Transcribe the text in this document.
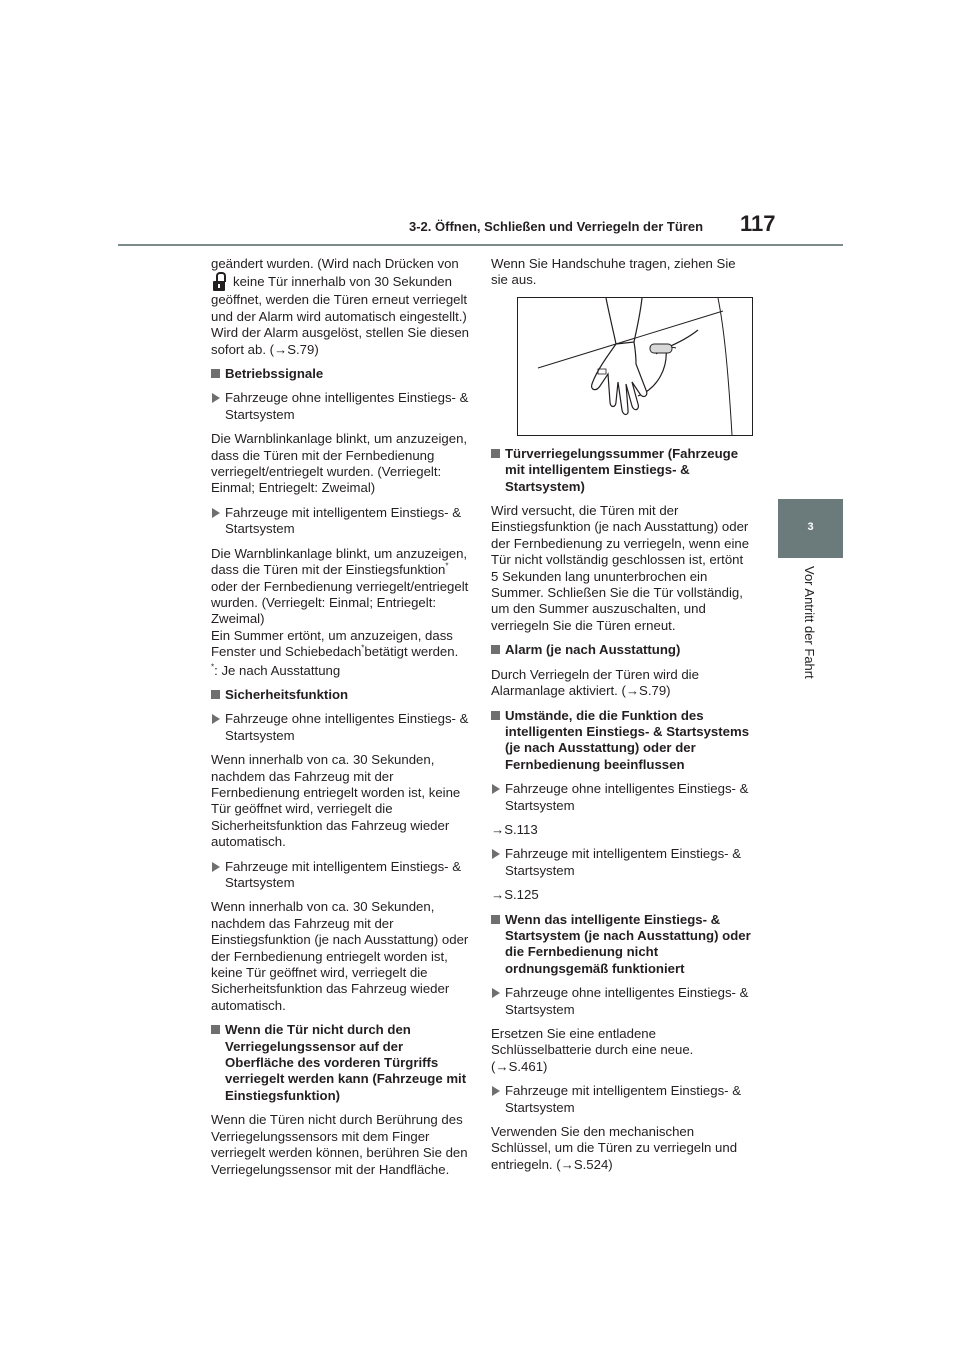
3-2. Öffnen, Schließen und Verriegeln der Türen 117
3
Vor Antritt der Fahrt

geändert wurden. (Wird nach Drücken von

keine Tür innerhalb von 30 Sekunden geöffnet, werden die Türen erneut verriegelt und der Alarm wird automatisch eingestellt.) Wird der Alarm ausgelöst, stellen Sie diesen sofort ab. (→S.79)

Betriebssignale
Fahrzeuge ohne intelligentes Einstiegs- & Startsystem

Die Warnblinkanlage blinkt, um anzuzeigen, dass die Türen mit der Fernbedienung verriegelt/entriegelt wurden. (Verriegelt: Einmal; Entriegelt: Zweimal)

Fahrzeuge mit intelligentem Einstiegs- & Startsystem

Die Warnblinkanlage blinkt, um anzuzeigen, dass die Türen mit der Einstiegsfunktion* oder der Fernbedienung verriegelt/entriegelt wurden. (Verriegelt: Einmal; Entriegelt: Zweimal)

Ein Summer ertönt, um anzuzeigen, dass Fenster und Schiebedach*betätigt werden.

*: Je nach Ausstattung

Sicherheitsfunktion
Fahrzeuge ohne intelligentes Einstiegs- & Startsystem

Wenn innerhalb von ca. 30 Sekunden, nachdem das Fahrzeug mit der Fernbedienung entriegelt worden ist, keine Tür geöffnet wird, verriegelt die Sicherheitsfunktion das Fahrzeug wieder automatisch.

Fahrzeuge mit intelligentem Einstiegs- & Startsystem

Wenn innerhalb von ca. 30 Sekunden, nachdem das Fahrzeug mit der Einstiegsfunktion (je nach Ausstattung) oder der Fernbedienung entriegelt worden ist, keine Tür geöffnet wird, verriegelt die Sicherheitsfunktion das Fahrzeug wieder automatisch.

Wenn die Tür nicht durch den Verriegelungssensor auf der Oberfläche des vorderen Türgriffs verriegelt werden kann (Fahrzeuge mit Einstiegsfunktion)

Wenn die Türen nicht durch Berührung des Verriegelungssensors mit dem Finger verriegelt werden können, berühren Sie den Verriegelungssensor mit der Handfläche.

Wenn Sie Handschuhe tragen, ziehen Sie sie aus.

Türverriegelungssummer (Fahrzeuge mit intelligentem Einstiegs- & Startsystem)

Wird versucht, die Türen mit der Einstiegsfunktion (je nach Ausstattung) oder der Fernbedienung zu verriegeln, wenn eine Tür nicht vollständig geschlossen ist, ertönt 5 Sekunden lang ununterbrochen ein Summer. Schließen Sie die Tür vollständig, um den Summer auszuschalten, und verriegeln Sie die Türen erneut.

Alarm (je nach Ausstattung)

Durch Verriegeln der Türen wird die Alarmanlage aktiviert. (→S.79)

Umstände, die die Funktion des intelligenten Einstiegs- & Startsystems (je nach Ausstattung) oder der Fernbedienung beeinflussen
Fahrzeuge ohne intelligentes Einstiegs- & Startsystem

→S.113

Fahrzeuge mit intelligentem Einstiegs- & Startsystem

→S.125

Wenn das intelligente Einstiegs- & Startsystem (je nach Ausstattung) oder die Fernbedienung nicht ordnungsgemäß funktioniert
Fahrzeuge ohne intelligentes Einstiegs- & Startsystem

Ersetzen Sie eine entladene Schlüsselbatterie durch eine neue. (→S.461)

Fahrzeuge mit intelligentem Einstiegs- & Startsystem

Verwenden Sie den mechanischen Schlüssel, um die Türen zu verriegeln und entriegeln. (→S.524)
